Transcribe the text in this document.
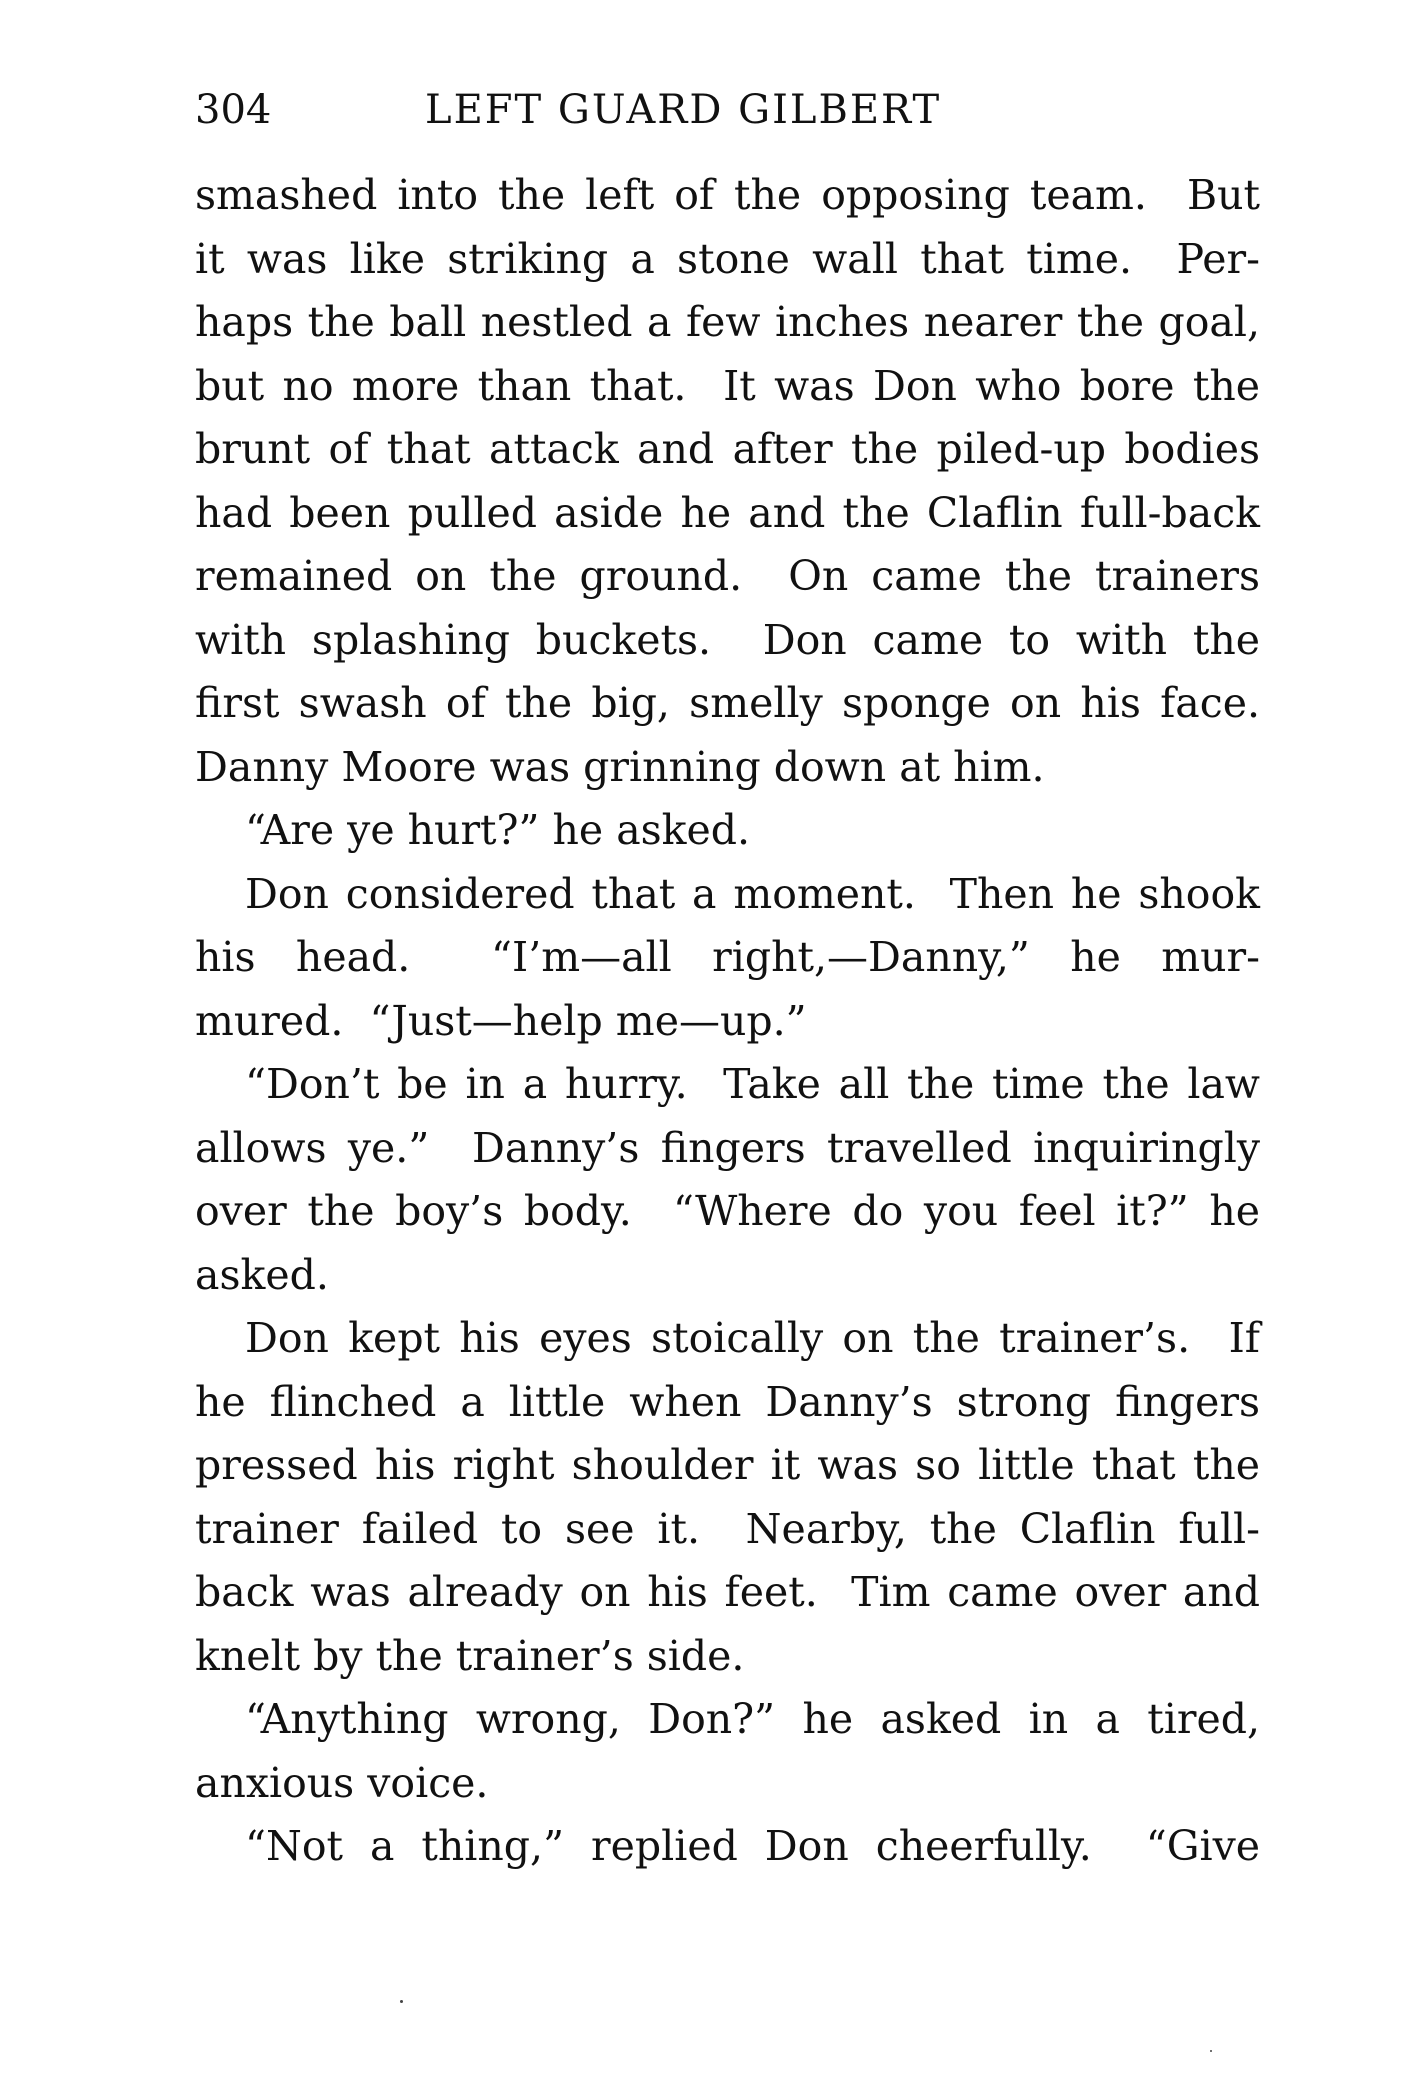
304	LEFT GUARD GILBERT
smashed into the left of the opposing team.  But
it was like striking a stone wall that time.  Per-
haps the ball nestled a few inches nearer the goal,
but no more than that.  It was Don who bore the
brunt of that attack and after the piled-up bodies
had been pulled aside he and the Claflin full-back
remained on the ground.  On came the trainers
with splashing buckets.  Don came to with the
first swash of the big, smelly sponge on his face.
Danny Moore was grinning down at him.
“Are ye hurt?” he asked.
Don considered that a moment.  Then he shook
his head.  “I’m—all right,—Danny,” he mur-
mured.  “Just—help me—up.”
“Don’t be in a hurry.  Take all the time the law
allows ye.”  Danny’s fingers travelled inquiringly
over the boy’s body.  “Where do you feel it?” he
asked.
Don kept his eyes stoically on the trainer’s.  If
he flinched a little when Danny’s strong fingers
pressed his right shoulder it was so little that the
trainer failed to see it.  Nearby, the Claflin full-
back was already on his feet.  Tim came over and
knelt by the trainer’s side.
“Anything wrong, Don?” he asked in a tired,
anxious voice.
“Not a thing,” replied Don cheerfully.  “Give
